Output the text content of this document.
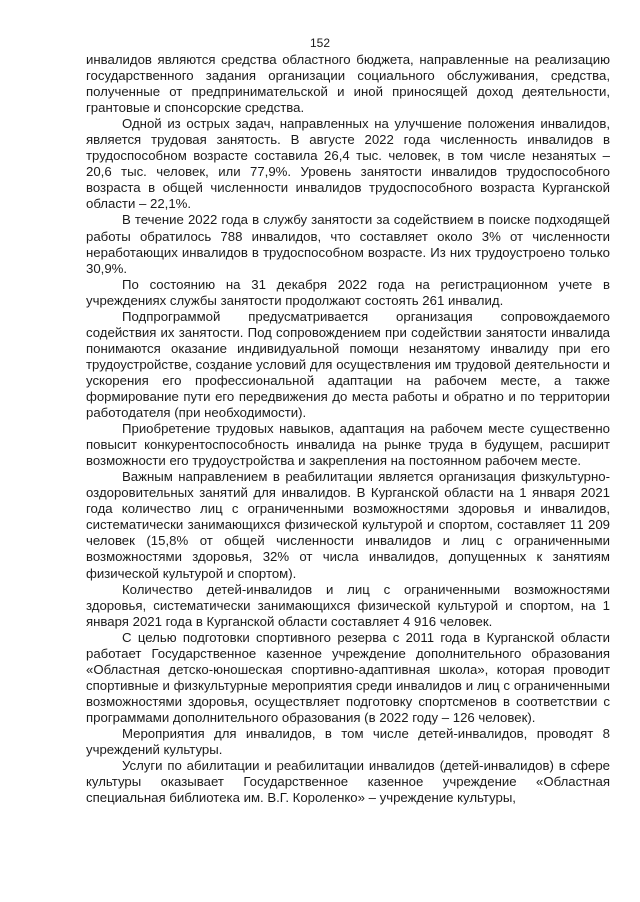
152

инвалидов являются средства областного бюджета, направленные на реализацию государственного задания организации социального обслуживания, средства, полученные от предпринимательской и иной приносящей доход деятельности, грантовые и спонсорские средства.

Одной из острых задач, направленных на улучшение положения инвалидов, является трудовая занятость. В августе 2022 года численность инвалидов в трудоспособном возрасте составила 26,4 тыс. человек, в том числе незанятых – 20,6 тыс. человек, или 77,9%. Уровень занятости инвалидов трудоспособного возраста в общей численности инвалидов трудоспособного возраста Курганской области – 22,1%.

В течение 2022 года в службу занятости за содействием в поиске подходящей работы обратилось 788 инвалидов, что составляет около 3% от численности неработающих инвалидов в трудоспособном возрасте. Из них трудоустроено только 30,9%.

По состоянию на 31 декабря 2022 года на регистрационном учете в учреждениях службы занятости продолжают состоять 261 инвалид.

Подпрограммой предусматривается организация сопровождаемого содействия их занятости. Под сопровождением при содействии занятости инвалида понимаются оказание индивидуальной помощи незанятому инвалиду при его трудоустройстве, создание условий для осуществления им трудовой деятельности и ускорения его профессиональной адаптации на рабочем месте, а также формирование пути его передвижения до места работы и обратно и по территории работодателя (при необходимости).

Приобретение трудовых навыков, адаптация на рабочем месте существенно повысит конкурентоспособность инвалида на рынке труда в будущем, расширит возможности его трудоустройства и закрепления на постоянном рабочем месте.

Важным направлением в реабилитации является организация физкультурно-оздоровительных занятий для инвалидов. В Курганской области на 1 января 2021 года количество лиц с ограниченными возможностями здоровья и инвалидов, систематически занимающихся физической культурой и спортом, составляет 11 209 человек (15,8% от общей численности инвалидов и лиц с ограниченными возможностями здоровья, 32% от числа инвалидов, допущенных к занятиям физической культурой и спортом).

Количество детей-инвалидов и лиц с ограниченными возможностями здоровья, систематически занимающихся физической культурой и спортом, на 1 января 2021 года в Курганской области составляет 4 916 человек.

С целью подготовки спортивного резерва с 2011 года в Курганской области работает Государственное казенное учреждение дополнительного образования «Областная детско-юношеская спортивно-адаптивная школа», которая проводит спортивные и физкультурные мероприятия среди инвалидов и лиц с ограниченными возможностями здоровья, осуществляет подготовку спортсменов в соответствии с программами дополнительного образования (в 2022 году – 126 человек).

Мероприятия для инвалидов, в том числе детей-инвалидов, проводят 8 учреждений культуры.

Услуги по абилитации и реабилитации инвалидов (детей-инвалидов) в сфере культуры оказывает Государственное казенное учреждение «Областная специальная библиотека им. В.Г. Короленко» – учреждение культуры,
